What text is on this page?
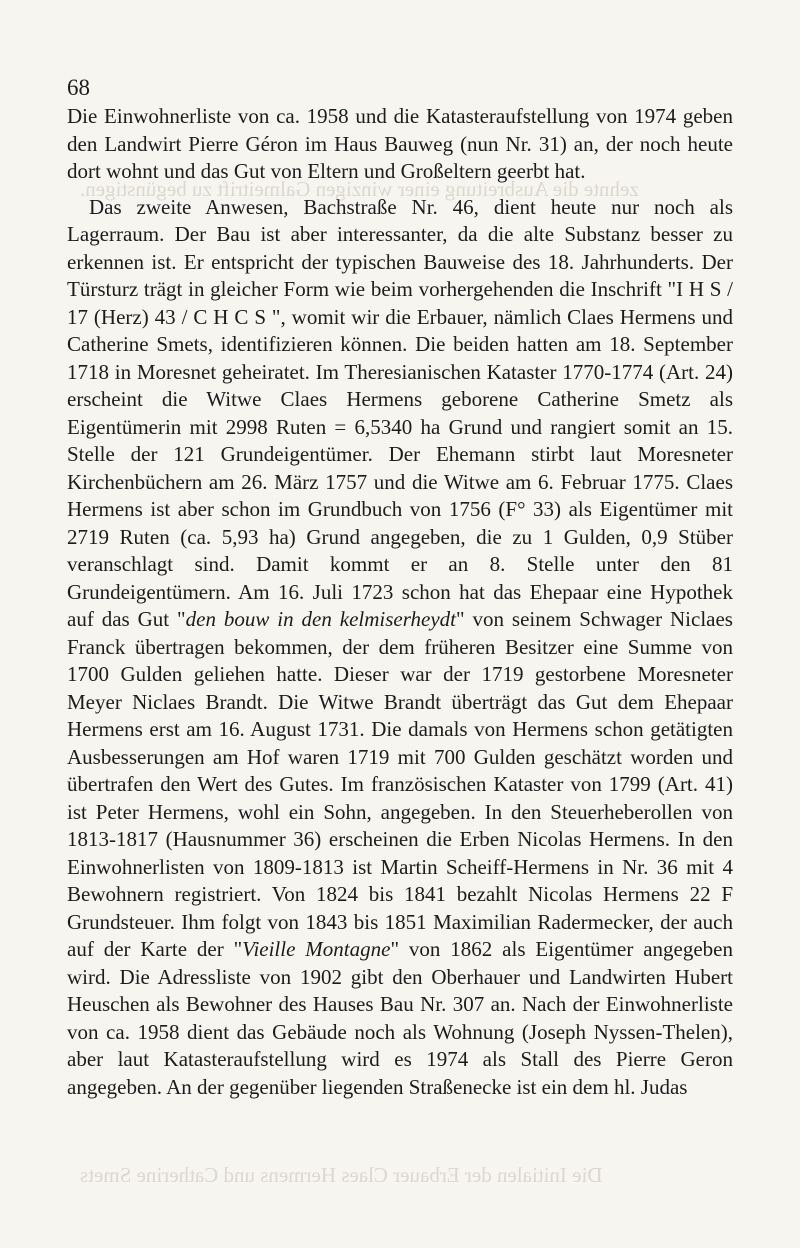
zehnte die Ausbreitung einer winzigen Galmeitrift zu begünstigen.
Die Initialen der Erbauer Claes Hermens und Catherine Smets
68

Die Einwohnerliste von ca. 1958 und die Katasteraufstellung von 1974 geben den Landwirt Pierre Géron im Haus Bauweg (nun Nr. 31) an, der noch heute dort wohnt und das Gut von Eltern und Großeltern geerbt hat.

Das zweite Anwesen, Bachstraße Nr. 46, dient heute nur noch als Lagerraum. Der Bau ist aber interessanter, da die alte Substanz besser zu erkennen ist. Er entspricht der typischen Bauweise des 18. Jahrhunderts. Der Türsturz trägt in gleicher Form wie beim vorhergehenden die Inschrift "I H S / 17 (Herz) 43 / C H C S ", womit wir die Erbauer, nämlich Claes Hermens und Catherine Smets, identifizieren können. Die beiden hatten am 18. September 1718 in Moresnet geheiratet. Im Theresianischen Kataster 1770-1774 (Art. 24) erscheint die Witwe Claes Hermens geborene Catherine Smetz als Eigentümerin mit 2998 Ruten = 6,5340 ha Grund und rangiert somit an 15. Stelle der 121 Grundeigentümer. Der Ehemann stirbt laut Moresneter Kirchenbüchern am 26. März 1757 und die Witwe am 6. Februar 1775. Claes Hermens ist aber schon im Grundbuch von 1756 (F° 33) als Eigentümer mit 2719 Ruten (ca. 5,93 ha) Grund angegeben, die zu 1 Gulden, 0,9 Stüber veranschlagt sind. Damit kommt er an 8. Stelle unter den 81 Grundeigentümern. Am 16. Juli 1723 schon hat das Ehepaar eine Hypothek auf das Gut "den bouw in den kelmiserheydt" von seinem Schwager Niclaes Franck übertragen bekommen, der dem früheren Besitzer eine Summe von 1700 Gulden geliehen hatte. Dieser war der 1719 gestorbene Moresneter Meyer Niclaes Brandt. Die Witwe Brandt überträgt das Gut dem Ehepaar Hermens erst am 16. August 1731. Die damals von Hermens schon getätigten Ausbesserungen am Hof waren 1719 mit 700 Gulden geschätzt worden und übertrafen den Wert des Gutes. Im französischen Kataster von 1799 (Art. 41) ist Peter Hermens, wohl ein Sohn, angegeben. In den Steuerheberollen von 1813-1817 (Hausnummer 36) erscheinen die Erben Nicolas Hermens. In den Einwohnerlisten von 1809-1813 ist Martin Scheiff-Hermens in Nr. 36 mit 4 Bewohnern registriert. Von 1824 bis 1841 bezahlt Nicolas Hermens 22 F Grundsteuer. Ihm folgt von 1843 bis 1851 Maximilian Radermecker, der auch auf der Karte der "Vieille Montagne" von 1862 als Eigentümer angegeben wird. Die Adressliste von 1902 gibt den Oberhauer und Landwirten Hubert Heuschen als Bewohner des Hauses Bau Nr. 307 an. Nach der Einwohnerliste von ca. 1958 dient das Gebäude noch als Wohnung (Joseph Nyssen-Thelen), aber laut Katasteraufstellung wird es 1974 als Stall des Pierre Geron angegeben. An der gegenüber liegenden Straßenecke ist ein dem hl. Judas
